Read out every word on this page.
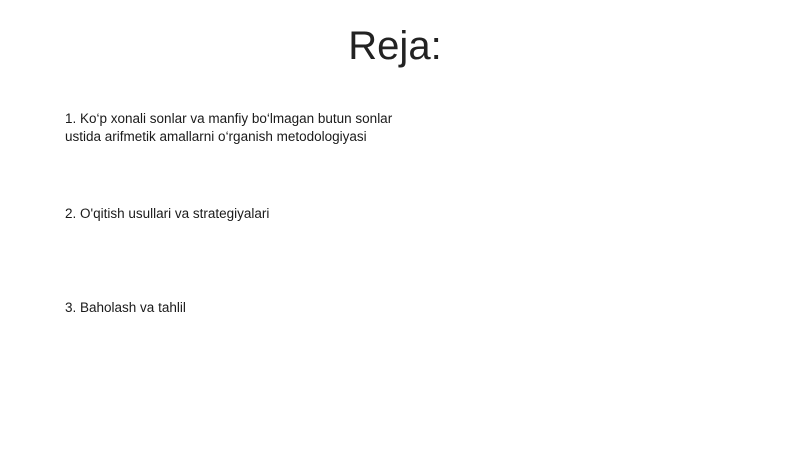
Reja:
1. Ko‘p xonali sonlar va manfiy bo‘lmagan butun sonlar
ustida arifmetik amallarni o‘rganish metodologiyasi
2. O'qitish usullari va strategiyalari
3. Baholash va tahlil
